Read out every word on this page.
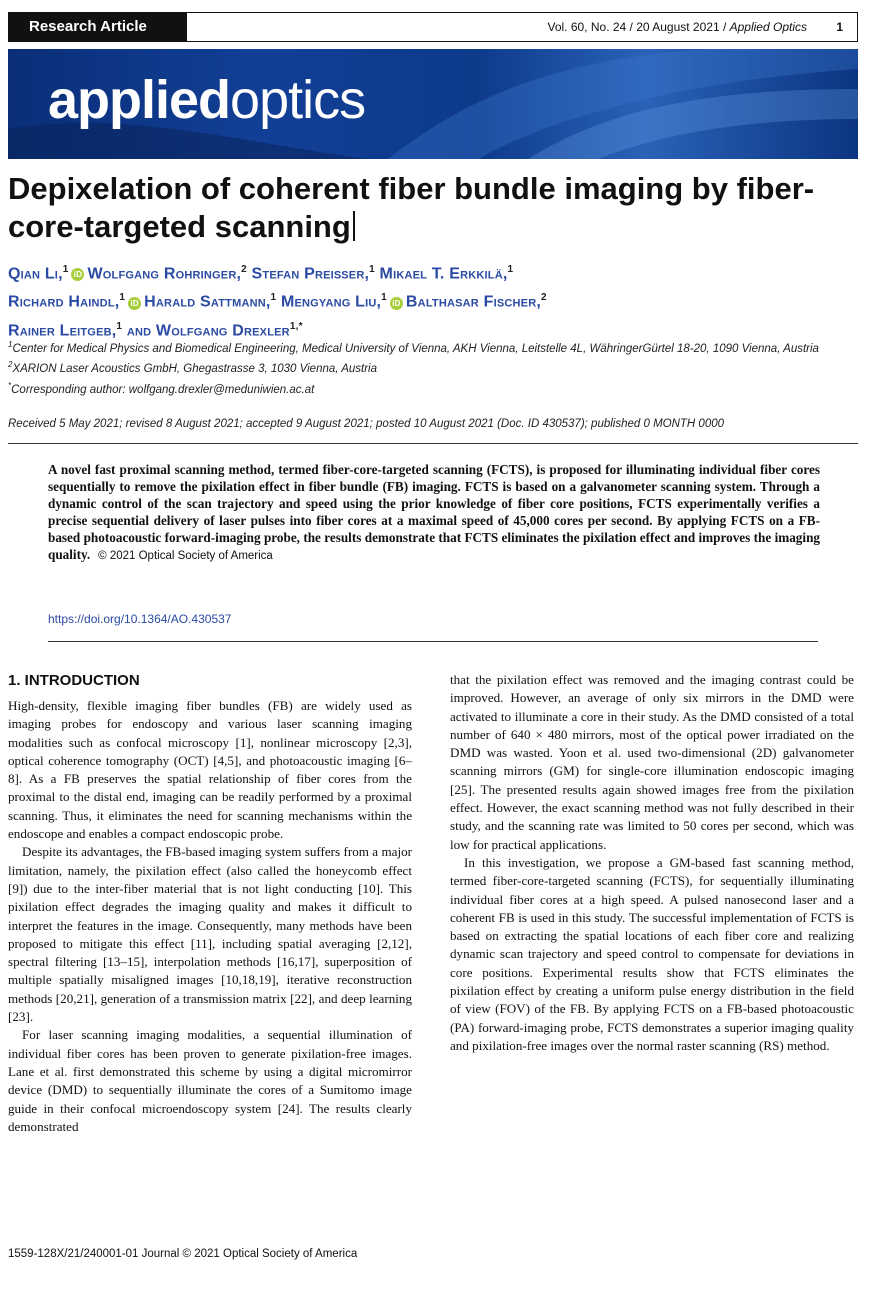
Research Article	Vol. 60, No. 24 / 20 August 2021 / Applied Optics 1
appliedoptics
Depixelation of coherent fiber bundle imaging by fiber-core-targeted scanning
Qian Li,$^1$ iD Wolfgang Rohringer,$^2$ Stefan Preißer,$^1$ Mikael T. Erkkilä,$^1$
Richard Haindl,$^1$ iD Harald Sattmann,$^1$ Mengyang Liu,$^1$ iD Balthasar Fischer,$^2$
Rainer Leitgeb,$^1$ and Wolfgang Drexler$^{1,*}$
$^1$Center for Medical Physics and Biomedical Engineering, Medical University of Vienna, AKH Vienna, Leitstelle 4L, WähringerGürtel 18-20, 1090 Vienna, Austria
$^2$XARION Laser Acoustics GmbH, Ghegastrasse 3, 1030 Vienna, Austria
*Corresponding author: wolfgang.drexler@meduniwien.ac.at
Received 5 May 2021; revised 8 August 2021; accepted 9 August 2021; posted 10 August 2021 (Doc. ID 430537); published 0 MONTH 0000
A novel fast proximal scanning method, termed fiber-core-targeted scanning (FCTS), is proposed for illuminating individual fiber cores sequentially to remove the pixilation effect in fiber bundle (FB) imaging. FCTS is based on a galvanometer scanning system. Through a dynamic control of the scan trajectory and speed using the prior knowledge of fiber core positions, FCTS experimentally verifies a precise sequential delivery of laser pulses into fiber cores at a maximal speed of 45,000 cores per second. By applying FCTS on a FB-based photoacoustic forward-imaging probe, the results demonstrate that FCTS eliminates the pixilation effect and improves the imaging quality. © 2021 Optical Society of America
https://doi.org/10.1364/AO.430537
1. INTRODUCTION

High-density, flexible imaging fiber bundles (FB) are widely used as imaging probes for endoscopy and various laser scanning imaging modalities such as confocal microscopy [1], nonlinear microscopy [2,3], optical coherence tomography (OCT) [4,5], and photoacoustic imaging [6–8]. As a FB preserves the spatial relationship of fiber cores from the proximal to the distal end, imaging can be readily performed by a proximal scanning. Thus, it eliminates the need for scanning mechanisms within the endoscope and enables a compact endoscopic probe.

Despite its advantages, the FB-based imaging system suffers from a major limitation, namely, the pixilation effect (also called the honeycomb effect [9]) due to the inter-fiber material that is not light conducting [10]. This pixilation effect degrades the imaging quality and makes it difficult to interpret the features in the image. Consequently, many methods have been proposed to mitigate this effect [11], including spatial averaging [2,12], spectral filtering [13–15], interpolation methods [16,17], superposition of multiple spatially misaligned images [10,18,19], iterative reconstruction methods [20,21], generation of a transmission matrix [22], and deep learning [23].

For laser scanning imaging modalities, a sequential illumination of individual fiber cores has been proven to generate pixilation-free images. Lane et al. first demonstrated this scheme by using a digital micromirror device (DMD) to sequentially illuminate the cores of a Sumitomo image guide in their confocal microendoscopy system [24]. The results clearly demonstrated

that the pixilation effect was removed and the imaging contrast could be improved. However, an average of only six mirrors in the DMD were activated to illuminate a core in their study. As the DMD consisted of a total number of 640 × 480 mirrors, most of the optical power irradiated on the DMD was wasted. Yoon et al. used two-dimensional (2D) galvanometer scanning mirrors (GM) for single-core illumination endoscopic imaging [25]. The presented results again showed images free from the pixilation effect. However, the exact scanning method was not fully described in their study, and the scanning rate was limited to 50 cores per second, which was low for practical applications.

In this investigation, we propose a GM-based fast scanning method, termed fiber-core-targeted scanning (FCTS), for sequentially illuminating individual fiber cores at a high speed. A pulsed nanosecond laser and a coherent FB is used in this study. The successful implementation of FCTS is based on extracting the spatial locations of each fiber core and realizing dynamic scan trajectory and speed control to compensate for deviations in core positions. Experimental results show that FCTS eliminates the pixilation effect by creating a uniform pulse energy distribution in the field of view (FOV) of the FB. By applying FCTS on a FB-based photoacoustic (PA) forward-imaging probe, FCTS demonstrates a superior imaging quality and pixilation-free images over the normal raster scanning (RS) method.

1559-128X/21/240001-01 Journal © 2021 Optical Society of America
